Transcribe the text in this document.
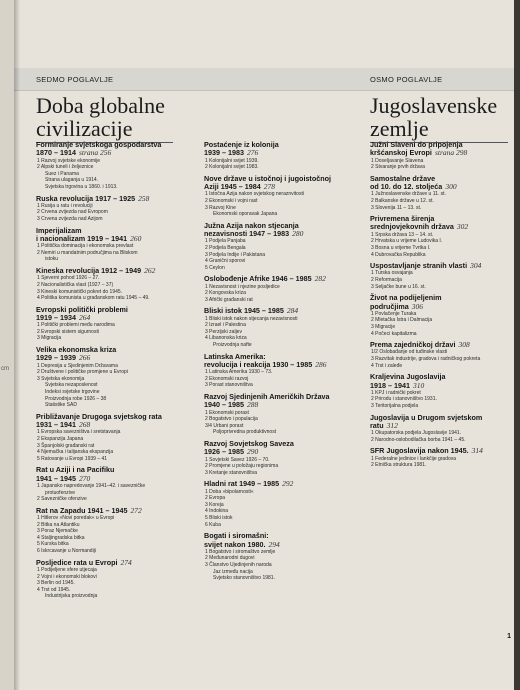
cm
SEDMO POGLAVLJE	OSMO POGLAVLJE
Doba globalne
civilizacije
Jugoslavenske
zemlje
Formiranje svjetskoga gospodarstva
1870 – 1914 strana 256
1 Razvoj svjetske ekonomije
2 Alpski tuneli i željeznice
Suez i Panama
Strana ulaganja u 1914.
Svjetska trgovina u 1860. i 1913.
Ruska revolucija 1917 – 1925 258
1 Rusija u ratu i revoluciji
2 Crvena zvijezda nad Evropom
3 Crvena zvijezda nad Azijom
Imperijalizam
i nacionalizam 1919 – 1941 260
1 Politička dominacija i ekonomska prevlast
2 Nemiri u mandatnim područjima na Bliskom
istoku
Kineska revolucija 1912 – 1949 262
1 Sjeverni pohod 1926 – 27.
2 Nacionalistička vlast (1927 – 37)
3 Kineski komunistički pokret do 1945.
4 Politika komunista u građanskom ratu 1945 – 49.
Evropski politički problemi
1919 – 1934 264
1 Politički problemi među narodima
2 Evropski sistem sigurnosti
3 Migracija
Velika ekonomska kriza
1929 – 1939 266
1 Depresija u Sjedinjenim Državama
2 Društvene i političke promjene u Evropi
3 Svjetska ekonomija
Svjetska nezaposlenost
Indeksi svjetske trgovine
Proizvodnja robe 1926 – 38
Statistike SAD
Približavanje Drugoga svjetskog rata
1931 – 1941 268
1 Evropska savezništva i sretstavanja
2 Ekspanzija Japana
3 Španjolski građanski rat
4 Njemačka i talijanska ekspanzija
5 Ratovanje u Evropi 1939 – 41
Rat u Aziji i na Pacifiku
1941 – 1945 270
1 Japansko napredovanje 1941–42. i savezničke
protuofenzive
2 Savezničke ofenzive
Rat na Zapadu 1941 – 1945 272
1 Hitlerov »Novi poredak« u Evropi
2 Bitka na Atlantiku
3 Poraz Njemačke
4 Staljingradska bitka
5 Kurska bitka
6 Iskrcavanje u Normandiji
Posljedice rata u Evropi 274
1 Podijeljene sfere utjecaja
2 Vojni i ekonomski blokovi
3 Berlin od 1945.
4 Trst od 1945.
Industrijska proizvodnja
Postaćenje iz kolonija
1939 – 1983 276
1 Kolonijalni svijet 1939.
2 Kolonijalni svijet 1983.
Nove države u istočnoj i jugoistočnoj
Aziji 1945 – 1984 278
1 Istočna Azija nakon svjetskog neraznvitosti
2 Ekonomski i vojni rast
3 Razvoj Kine
Ekonomski oporavak Japana
Južna Azija nakon stjecanja
nezavisnosti 1947 – 1983 280
1 Podjela Panjaba
2 Podjela Bengala
3 Podjela Indije i Pakistana
4 Granični sporovi
5 Ceylon
Oslobođenje Afrike 1946 – 1985 282
1 Nezavisnost i njezine posljedice
2 Kongovska kriza
3 Afrički građanski rat
Bliski istok 1945 – 1985 284
1 Bliski istok nakon stjecanja nezavisnosti
2 Izrael i Palestina
3 Perzijski zaljev
4 Libanonska kriza
Proizvodnja nafte
Latinska Amerika:
revolucija i reakcija 1930 – 1985 286
1 Latinska Amerika 1930 – 73.
2 Ekonomski razvoj
3 Porast stanovništva
Razvoj Sjedinjenih Američkih Država
1940 – 1985 288
1 Ekonomski porast
2 Bogatstvo i populacija
3/4 Urbani porast
Poljoprivredna produktivnost
Razvoj Sovjetskog Saveza
1926 – 1985 290
1 Sovjetski Savez 1926 – 70.
2 Promjene u položaju regionima
3 Kretanje stanovništva
Hladni rat 1949 – 1985 292
1 Doba »bipolarnosti«
2 Evropa
3 Koreja
4 Indokina
5 Bliski istok
6 Kuba
Bogati i siromašni:
svijet nakon 1980. 294
1 Bogatstvo i siromaštvo zemlje
2 Međunarodni dugovi
3 Članstvo Ujedinjenih naroda
Jaz između nacija
Svjetsko stanovništvo 1981.
Južni Slaveni do pripojenja
kršćanskoj Evropi strana 298
1 Doseljavanje Slavena
2 Stvaranje prvih država
Samostalne države
od 10. do 12. stoljeća 300
1 Južnoslavenske države u 11. st.
2 Balkanske države u 12. st.
3 Slovenija 11 – 13. st.
Privremena širenja
srednjovjekovnih država 302
1 Srpska država 13 – 14. st.
2 Hrvatska u vrijeme Ludovika I.
3 Bosna u vrijeme Tvrtka I.
4 Dubrovačka Republika
Uspostavljanje stranih vlasti 304
1 Turska osvajanja
2 Reformacija
3 Seljačke bune u 16. st.
Život na podijeljenim
područjima 306
1 Povlačenje Turaka
2 Mletačka Istra i Dalmacija
3 Migracije
4 Počeci kapitalizma
Prema zajedničkoj državi 308
1/2 Oslobađanje od tuđinske vlasti
3 Razvitak industrije, gradova i radničkog pokreta
4 Trst i zaleđe
Kraljevina Jugoslavija
1918 – 1941 310
1 KPJ i radnički pokret
2 Prirodu i stanovništvo 1931.
3 Teritorijalna podjela
Jugoslavija u Drugom svjetskom
ratu 312
1 Okupatorska podjela Jugoslavije 1941.
2 Narodno-oslobodilačka borba 1941 – 45.
SFR Jugoslavija nakon 1945. 314
1 Federalne jedinice i lankčije gradova
2 Etnička struktura 1981.
1
